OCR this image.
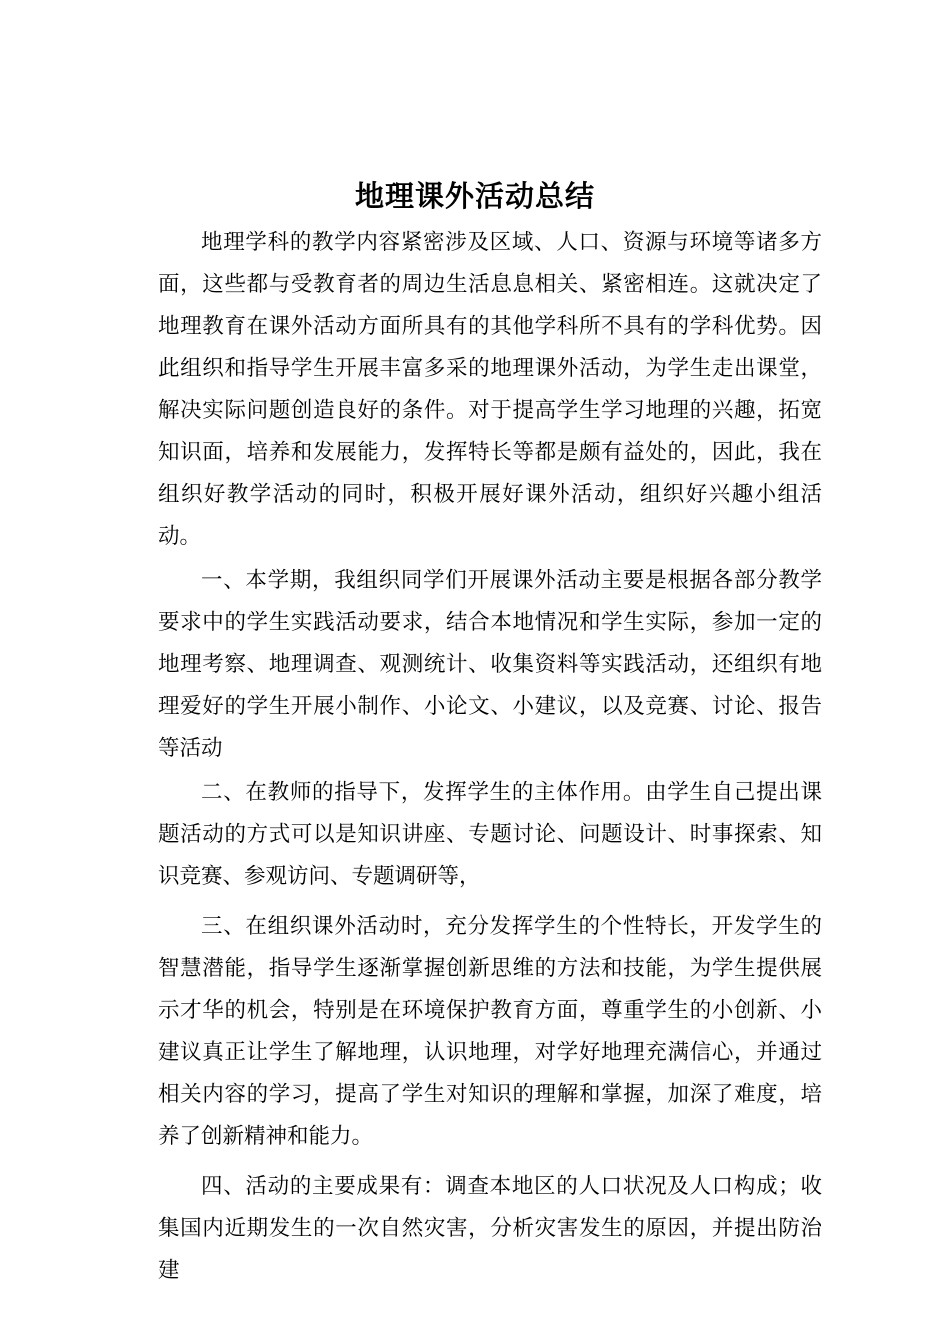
地理课外活动总结

地理学科的教学内容紧密涉及区域、人口、资源与环境等诸多方面，这些都与受教育者的周边生活息息相关、紧密相连。这就决定了地理教育在课外活动方面所具有的其他学科所不具有的学科优势。因此组织和指导学生开展丰富多采的地理课外活动，为学生走出课堂，解决实际问题创造良好的条件。对于提高学生学习地理的兴趣，拓宽知识面，培养和发展能力，发挥特长等都是颇有益处的，因此，我在组织好教学活动的同时，积极开展好课外活动，组织好兴趣小组活动。

一、本学期，我组织同学们开展课外活动主要是根据各部分教学要求中的学生实践活动要求，结合本地情况和学生实际，参加一定的地理考察、地理调查、观测统计、收集资料等实践活动，还组织有地理爱好的学生开展小制作、小论文、小建议，以及竞赛、讨论、报告等活动

二、在教师的指导下，发挥学生的主体作用。由学生自己提出课题活动的方式可以是知识讲座、专题讨论、问题设计、时事探索、知识竞赛、参观访问、专题调研等，

三、在组织课外活动时，充分发挥学生的个性特长，开发学生的智慧潜能，指导学生逐渐掌握创新思维的方法和技能，为学生提供展示才华的机会，特别是在环境保护教育方面，尊重学生的小创新、小建议真正让学生了解地理，认识地理，对学好地理充满信心，并通过相关内容的学习，提高了学生对知识的理解和掌握，加深了难度，培养了创新精神和能力。

四、活动的主要成果有：调查本地区的人口状况及人口构成；收集国内近期发生的一次自然灾害，分析灾害发生的原因，并提出防治建
